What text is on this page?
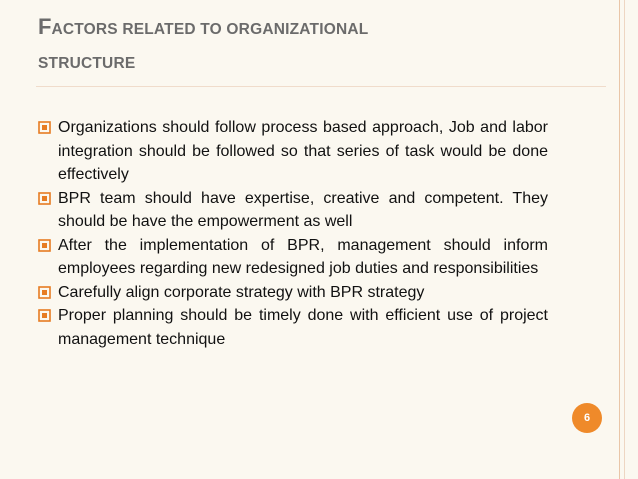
FACTORS RELATED TO ORGANIZATIONAL
STRUCTURE
Organizations should follow process based approach, Job and labor integration should be followed so that series of task would be done effectively
BPR team should have expertise, creative and competent. They should be have the empowerment as well
After the implementation of BPR, management should inform employees regarding new redesigned job duties and responsibilities
Carefully align corporate strategy with BPR strategy
Proper planning should be timely done with efficient use of project management technique
6
